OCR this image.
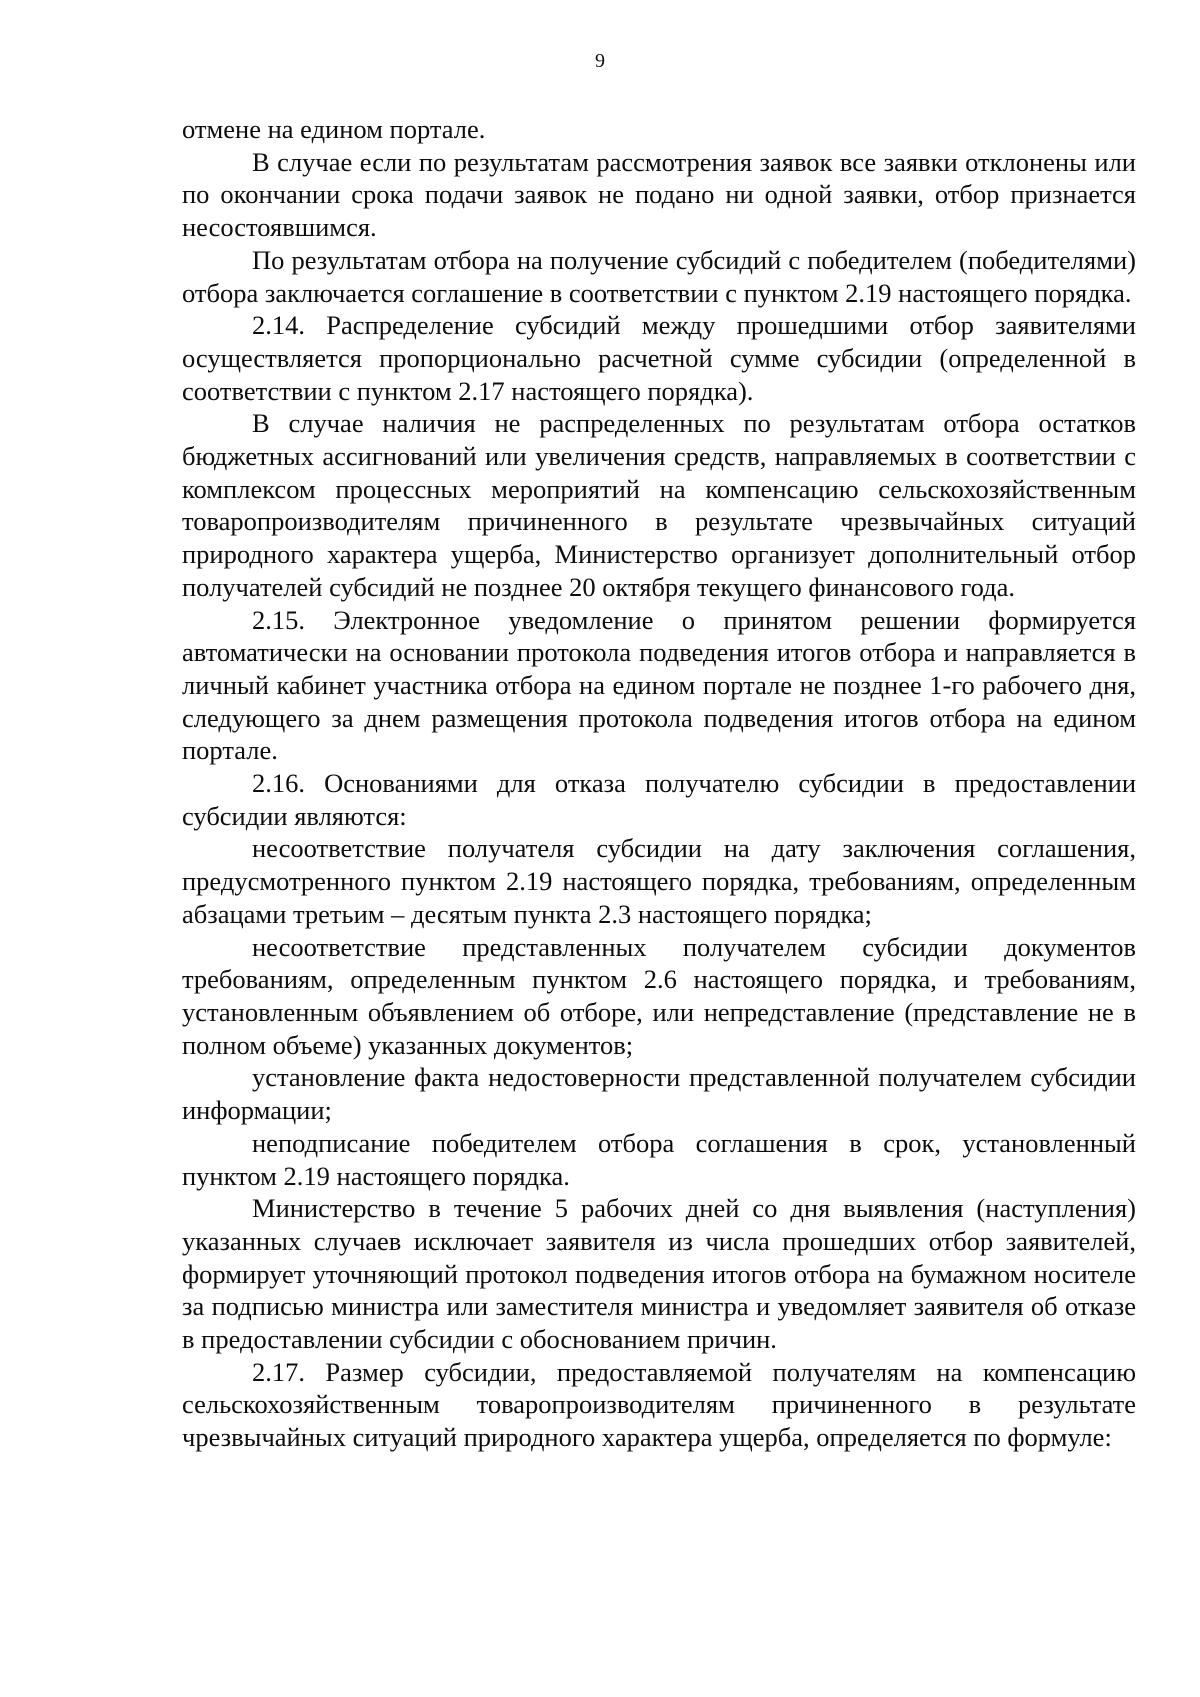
9

отмене на едином портале.

В случае если по результатам рассмотрения заявок все заявки отклонены или по окончании срока подачи заявок не подано ни одной заявки, отбор признается несостоявшимся.

По результатам отбора на получение субсидий с победителем (победителями) отбора заключается соглашение в соответствии с пунктом 2.19 настоящего порядка.

2.14. Распределение субсидий между прошедшими отбор заявителями осуществляется пропорционально расчетной сумме субсидии (определенной в соответствии с пунктом 2.17 настоящего порядка).

В случае наличия не распределенных по результатам отбора остатков бюджетных ассигнований или увеличения средств, направляемых в соответствии с комплексом процессных мероприятий на компенсацию сельскохозяйственным товаропроизводителям причиненного в результате чрезвычайных ситуаций природного характера ущерба, Министерство организует дополнительный отбор получателей субсидий не позднее 20 октября текущего финансового года.

2.15. Электронное уведомление о принятом решении формируется автоматически на основании протокола подведения итогов отбора и направляется в личный кабинет участника отбора на едином портале не позднее 1-го рабочего дня, следующего за днем размещения протокола подведения итогов отбора на едином портале.

2.16. Основаниями для отказа получателю субсидии в предоставлении субсидии являются:

несоответствие получателя субсидии на дату заключения соглашения, предусмотренного пунктом 2.19 настоящего порядка, требованиям, определенным абзацами третьим – десятым пункта 2.3 настоящего порядка;

несоответствие представленных получателем субсидии документов требованиям, определенным пунктом 2.6 настоящего порядка, и требованиям, установленным объявлением об отборе, или непредставление (представление не в полном объеме) указанных документов;

установление факта недостоверности представленной получателем субсидии информации;

неподписание победителем отбора соглашения в срок, установленный пунктом 2.19 настоящего порядка.

Министерство в течение 5 рабочих дней со дня выявления (наступления) указанных случаев исключает заявителя из числа прошедших отбор заявителей, формирует уточняющий протокол подведения итогов отбора на бумажном носителе за подписью министра или заместителя министра и уведомляет заявителя об отказе в предоставлении субсидии с обоснованием причин.

2.17. Размер субсидии, предоставляемой получателям на компенсацию сельскохозяйственным товаропроизводителям причиненного в результате чрезвычайных ситуаций природного характера ущерба, определяется по формуле:
